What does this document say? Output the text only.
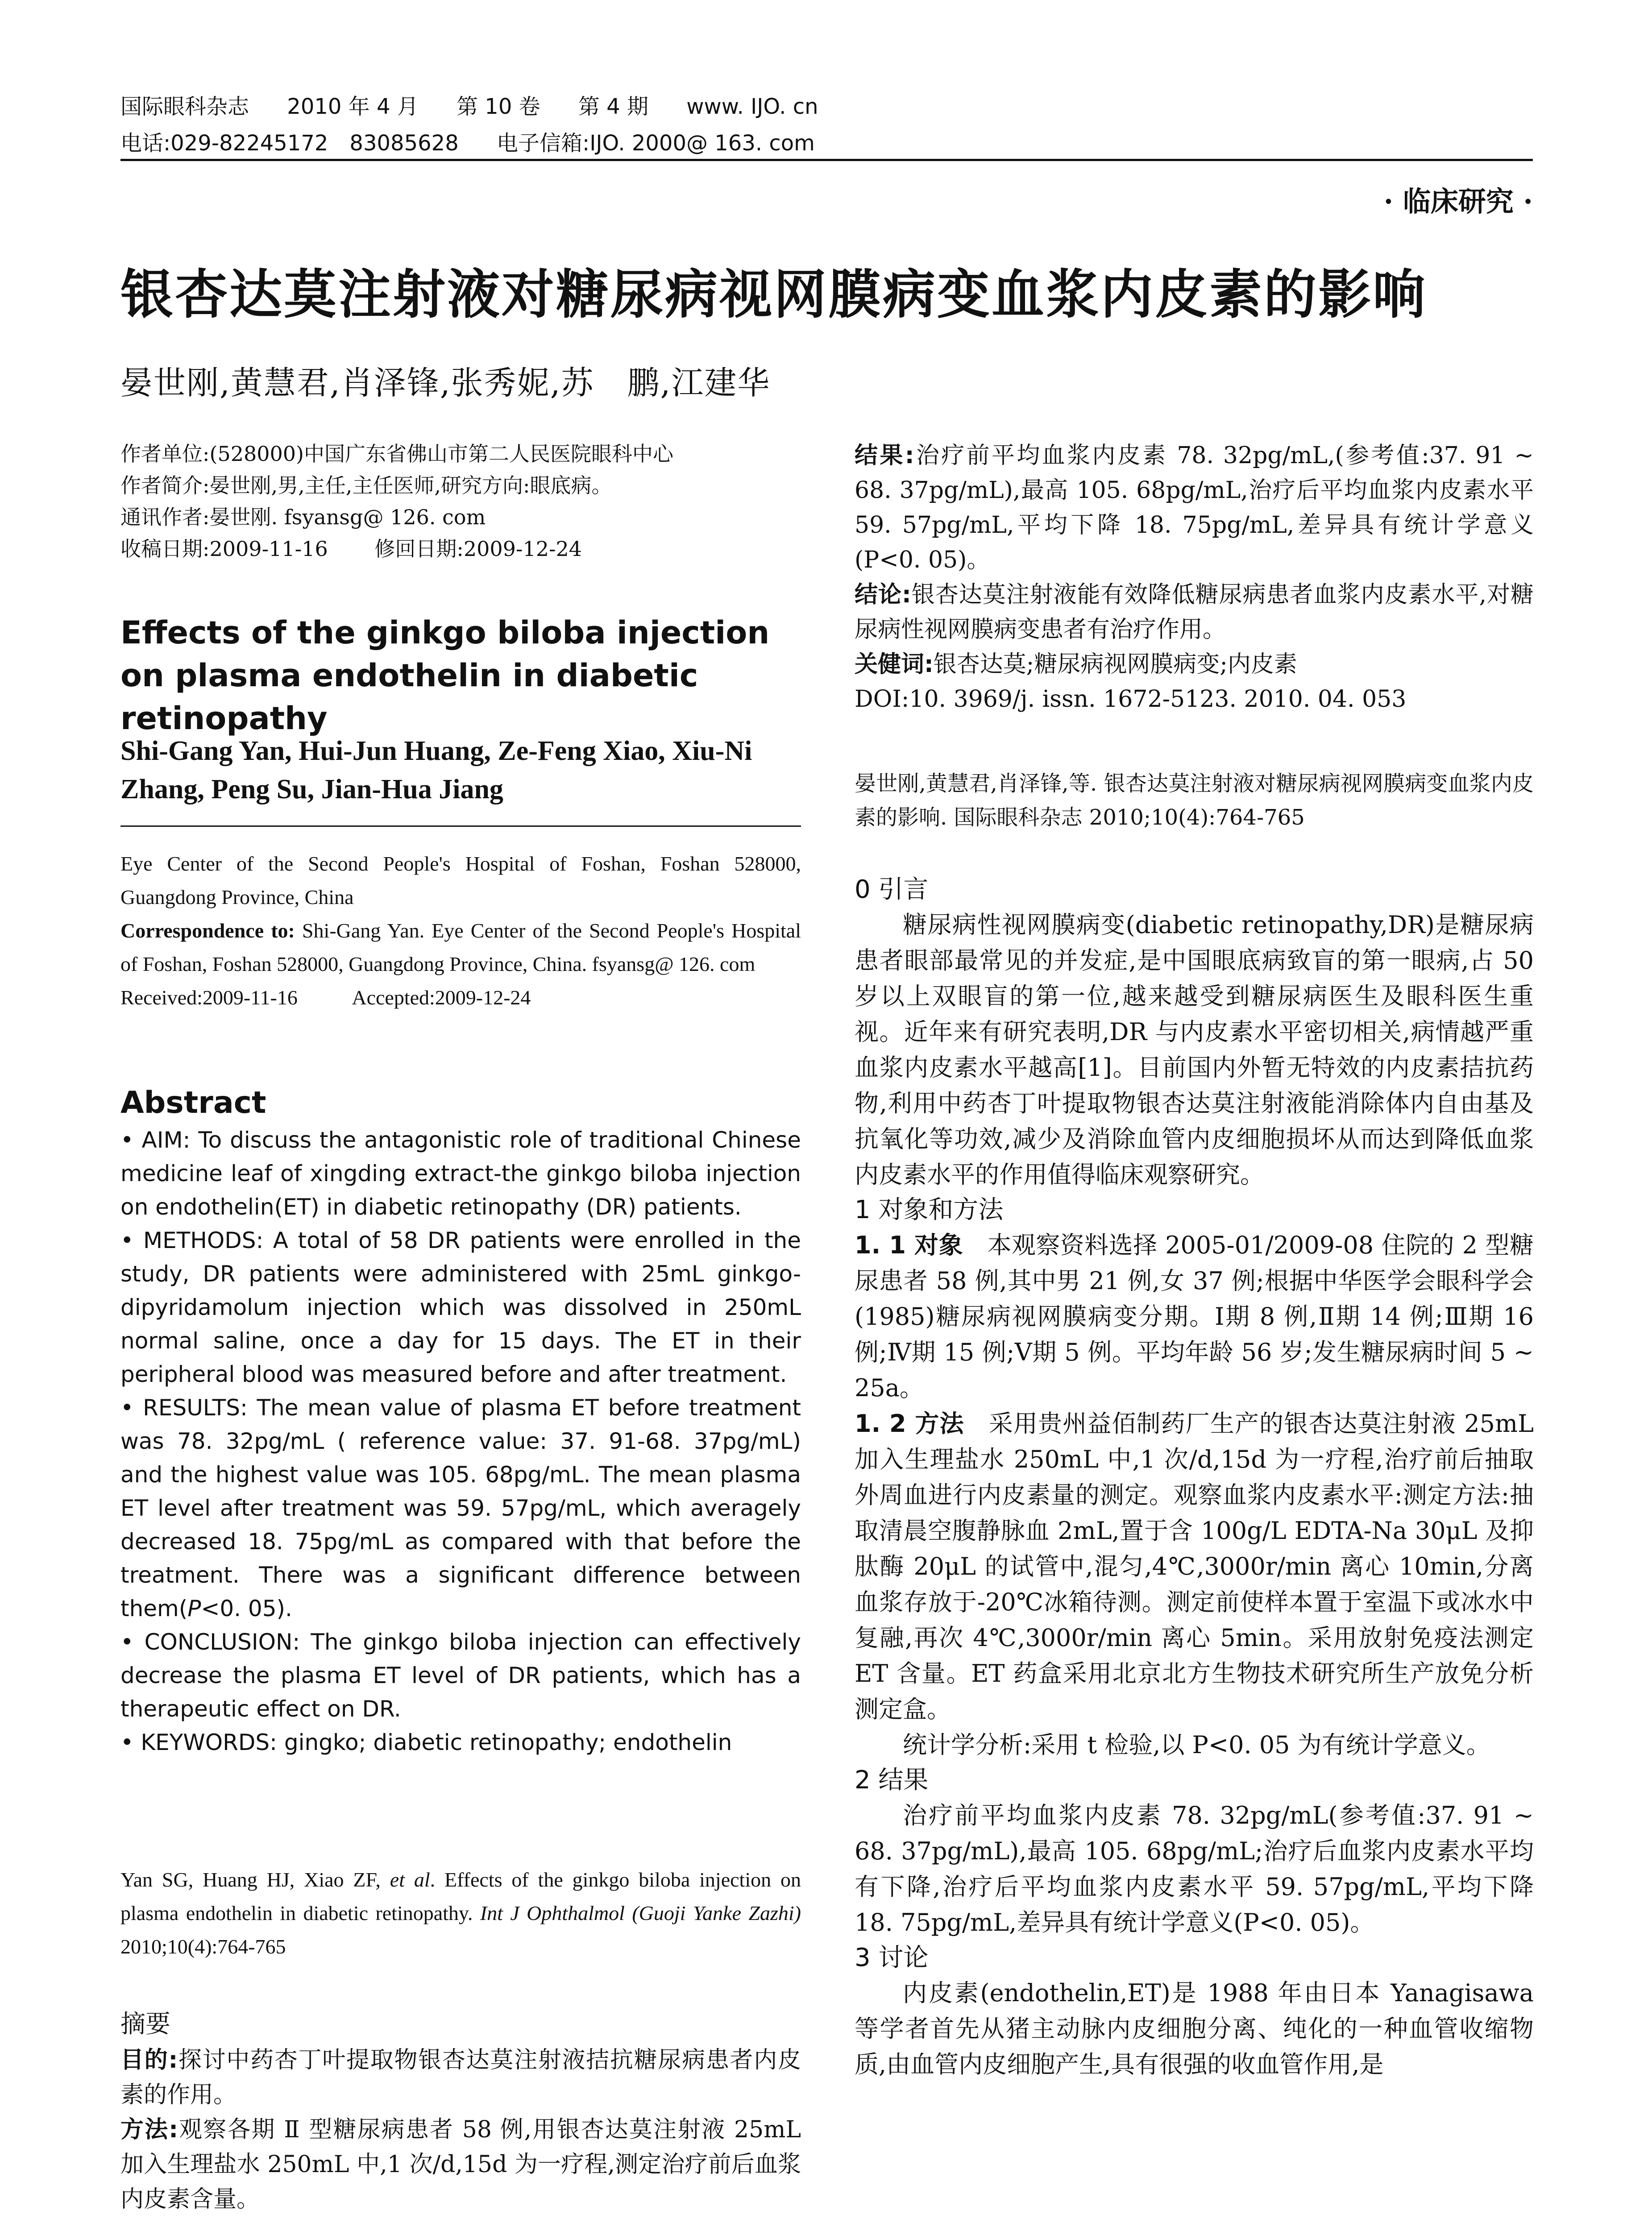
国际眼科杂志 2010 年 4 月 第 10 卷 第 4 期 www. IJO. cn
电话:029-82245172　83085628 电子信箱:IJO. 2000@ 163. com
· 临床研究 ·
银杏达莫注射液对糖尿病视网膜病变血浆内皮素的影响
晏世刚,黄慧君,肖泽锋,张秀妮,苏　鹏,江建华
作者单位:(528000)中国广东省佛山市第二人民医院眼科中心
作者简介:晏世刚,男,主任,主任医师,研究方向:眼底病。
通讯作者:晏世刚. fsyansg@ 126. com
收稿日期:2009-11-16 修回日期:2009-12-24
Effects of the ginkgo biloba injection on plasma endothelin in diabetic retinopathy
Shi-Gang Yan, Hui-Jun Huang, Ze-Feng Xiao, Xiu-Ni Zhang, Peng Su, Jian-Hua Jiang
Eye Center of the Second People's Hospital of Foshan, Foshan 528000, Guangdong Province, China
Correspondence to: Shi-Gang Yan. Eye Center of the Second People's Hospital of Foshan, Foshan 528000, Guangdong Province, China. fsyansg@ 126. com
Received:2009-11-16	Accepted:2009-12-24
Abstract
• AIM: To discuss the antagonistic role of traditional Chinese medicine leaf of xingding extract-the ginkgo biloba injection on endothelin(ET) in diabetic retinopathy (DR) patients.
• METHODS: A total of 58 DR patients were enrolled in the study, DR patients were administered with 25mL ginkgo-dipyridamolum injection which was dissolved in 250mL normal saline, once a day for 15 days. The ET in their peripheral blood was measured before and after treatment.
• RESULTS: The mean value of plasma ET before treatment was 78. 32pg/mL ( reference value: 37. 91-68. 37pg/mL) and the highest value was 105. 68pg/mL. The mean plasma ET level after treatment was 59. 57pg/mL, which averagely decreased 18. 75pg/mL as compared with that before the treatment. There was a significant difference between them(P<0. 05).
• CONCLUSION: The ginkgo biloba injection can effectively decrease the plasma ET level of DR patients, which has a therapeutic effect on DR.
• KEYWORDS: gingko; diabetic retinopathy; endothelin
Yan SG, Huang HJ, Xiao ZF, et al. Effects of the ginkgo biloba injection on plasma endothelin in diabetic retinopathy. Int J Ophthalmol (Guoji Yanke Zazhi) 2010;10(4):764-765
摘要
目的:探讨中药杏丁叶提取物银杏达莫注射液拮抗糖尿病患者内皮素的作用。
方法:观察各期 Ⅱ 型糖尿病患者 58 例,用银杏达莫注射液 25mL 加入生理盐水 250mL 中,1 次/d,15d 为一疗程,测定治疗前后血浆内皮素含量。
结果:治疗前平均血浆内皮素 78. 32pg/mL,(参考值:37. 91 ~ 68. 37pg/mL),最高 105. 68pg/mL,治疗后平均血浆内皮素水平 59. 57pg/mL,平均下降 18. 75pg/mL,差异具有统计学意义(P<0. 05)。
结论:银杏达莫注射液能有效降低糖尿病患者血浆内皮素水平,对糖尿病性视网膜病变患者有治疗作用。
关健词:银杏达莫;糖尿病视网膜病变;内皮素
DOI:10. 3969/j. issn. 1672-5123. 2010. 04. 053
晏世刚,黄慧君,肖泽锋,等. 银杏达莫注射液对糖尿病视网膜病变血浆内皮素的影响. 国际眼科杂志 2010;10(4):764-765
0 引言
糖尿病性视网膜病变(diabetic retinopathy,DR)是糖尿病患者眼部最常见的并发症,是中国眼底病致盲的第一眼病,占 50 岁以上双眼盲的第一位,越来越受到糖尿病医生及眼科医生重视。近年来有研究表明,DR 与内皮素水平密切相关,病情越严重血浆内皮素水平越高[1]。目前国内外暂无特效的内皮素拮抗药物,利用中药杏丁叶提取物银杏达莫注射液能消除体内自由基及抗氧化等功效,减少及消除血管内皮细胞损坏从而达到降低血浆内皮素水平的作用值得临床观察研究。
1 对象和方法
1. 1 对象　本观察资料选择 2005-01/2009-08 住院的 2 型糖尿患者 58 例,其中男 21 例,女 37 例;根据中华医学会眼科学会(1985)糖尿病视网膜病变分期。Ⅰ期 8 例,Ⅱ期 14 例;Ⅲ期 16 例;Ⅳ期 15 例;Ⅴ期 5 例。平均年龄 56 岁;发生糖尿病时间 5 ~ 25a。
1. 2 方法　采用贵州益佰制药厂生产的银杏达莫注射液 25mL 加入生理盐水 250mL 中,1 次/d,15d 为一疗程,治疗前后抽取外周血进行内皮素量的测定。观察血浆内皮素水平:测定方法:抽取清晨空腹静脉血 2mL,置于含 100g/L EDTA-Na 30μL 及抑肽酶 20μL 的试管中,混匀,4℃,3000r/min 离心 10min,分离血浆存放于-20℃冰箱待测。测定前使样本置于室温下或冰水中复融,再次 4℃,3000r/min 离心 5min。采用放射免疫法测定 ET 含量。ET 药盒采用北京北方生物技术研究所生产放免分析测定盒。
统计学分析:采用 t 检验,以 P<0. 05 为有统计学意义。
2 结果
治疗前平均血浆内皮素 78. 32pg/mL(参考值:37. 91 ~ 68. 37pg/mL),最高 105. 68pg/mL;治疗后血浆内皮素水平均有下降,治疗后平均血浆内皮素水平 59. 57pg/mL,平均下降 18. 75pg/mL,差异具有统计学意义(P<0. 05)。
3 讨论
内皮素(endothelin,ET)是 1988 年由日本 Yanagisawa 等学者首先从猪主动脉内皮细胞分离、纯化的一种血管收缩物质,由血管内皮细胞产生,具有很强的收血管作用,是
